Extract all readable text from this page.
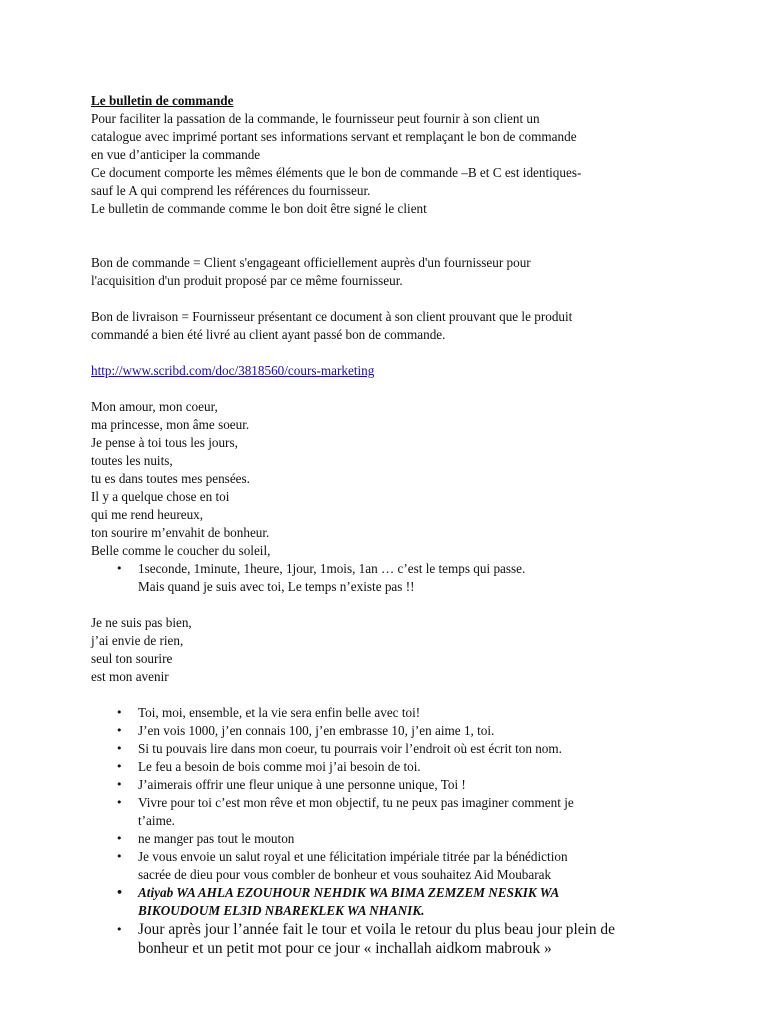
Le bulletin de commande
Pour faciliter la passation de la commande, le fournisseur peut fournir à son client un
catalogue avec imprimé portant ses informations servant et remplaçant le bon de commande
en vue d’anticiper la commande
Ce document comporte les mêmes éléments que le bon de commande –B et C est identiques-
sauf le A qui comprend les références du fournisseur.
Le bulletin de commande comme le bon doit être signé le client

Bon de commande = Client s'engageant officiellement auprès d'un fournisseur pour
l'acquisition d'un produit proposé par ce même fournisseur.

Bon de livraison = Fournisseur présentant ce document à son client prouvant que le produit
commandé a bien été livré au client ayant passé bon de commande.

http://www.scribd.com/doc/3818560/cours-marketing

Mon amour, mon coeur,
ma princesse, mon âme soeur.
Je pense à toi tous les jours,
toutes les nuits,
tu es dans toutes mes pensées.
Il y a quelque chose en toi
qui me rend heureux,
ton sourire m’envahit de bonheur.
Belle comme le coucher du soleil,

• 1seconde, 1minute, 1heure, 1jour, 1mois, 1an … c’est le temps qui passe.
Mais quand je suis avec toi, Le temps n’existe pas !!

Je ne suis pas bien,
j’ai envie de rien,
seul ton sourire
est mon avenir

• Toi, moi, ensemble, et la vie sera enfin belle avec toi!
• J’en vois 1000, j’en connais 100, j’en embrasse 10, j’en aime 1, toi.
• Si tu pouvais lire dans mon coeur, tu pourrais voir l’endroit où est écrit ton nom.
• Le feu a besoin de bois comme moi j’ai besoin de toi.
• J’aimerais offrir une fleur unique à une personne unique, Toi !
• Vivre pour toi c’est mon rêve et mon objectif, tu ne peux pas imaginer comment je
t’aime.
• ne manger pas tout le mouton
• Je vous envoie un salut royal et une félicitation impériale titrée par la bénédiction
sacrée de dieu pour vous combler de bonheur et vous souhaitez Aid Moubarak
• Atiyab WA AHLA EZOUHOUR NEHDIK WA BIMA ZEMZEM NESKIK WA
BIKOUDOUM EL3ID NBAREKLEK WA NHANIK.
• Jour après jour l’année fait le tour et voila le retour du plus beau jour plein de
bonheur et un petit mot pour ce jour « inchallah aidkom mabrouk »
